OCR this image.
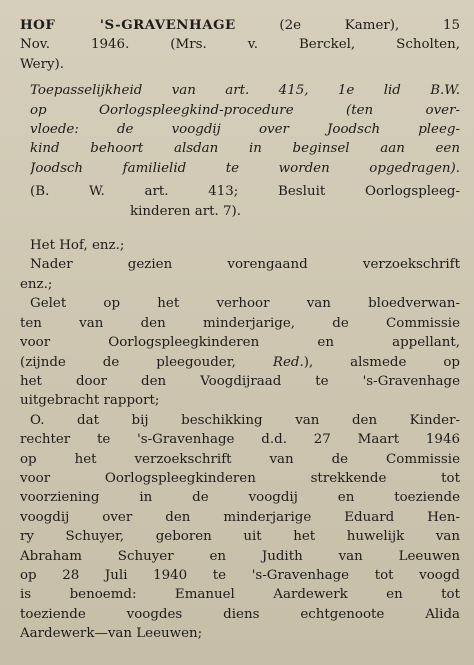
HOF 'S-GRAVENHAGE (2e Kamer), 15
Nov. 1946. (Mrs. v. Berckel, Scholten,
Wery).
Toepasselijkheid van art. 415, 1e lid B.W.
op Oorlogspleegkind-procedure (ten over-
vloede: de voogdij over Joodsch pleeg-
kind behoort alsdan in beginsel aan een
Joodsch familielid te worden opgedragen).
(B. W. art. 413; Besluit Oorlogspleeg-
kinderen art. 7).
Het Hof, enz.;
Nader gezien vorengaand verzoekschrift
enz.;
Gelet op het verhoor van bloedverwan-
ten van den minderjarige, de Commissie
voor Oorlogspleegkinderen en appellant,
(zijnde de pleegouder, Red.), alsmede op
het door den Voogdijraad te 's-Gravenhage
uitgebracht rapport;
O. dat bij beschikking van den Kinder-
rechter te 's-Gravenhage d.d. 27 Maart 1946
op het verzoekschrift van de Commissie
voor Oorlogspleegkinderen strekkende tot
voorziening in de voogdij en toeziende
voogdij over den minderjarige Eduard Hen-
ry Schuyer, geboren uit het huwelijk van
Abraham Schuyer en Judith van Leeuwen
op 28 Juli 1940 te 's-Gravenhage tot voogd
is benoemd: Emanuel Aardewerk en tot
toeziende voogdes diens echtgenoote Alida
Aardewerk—van Leeuwen;
